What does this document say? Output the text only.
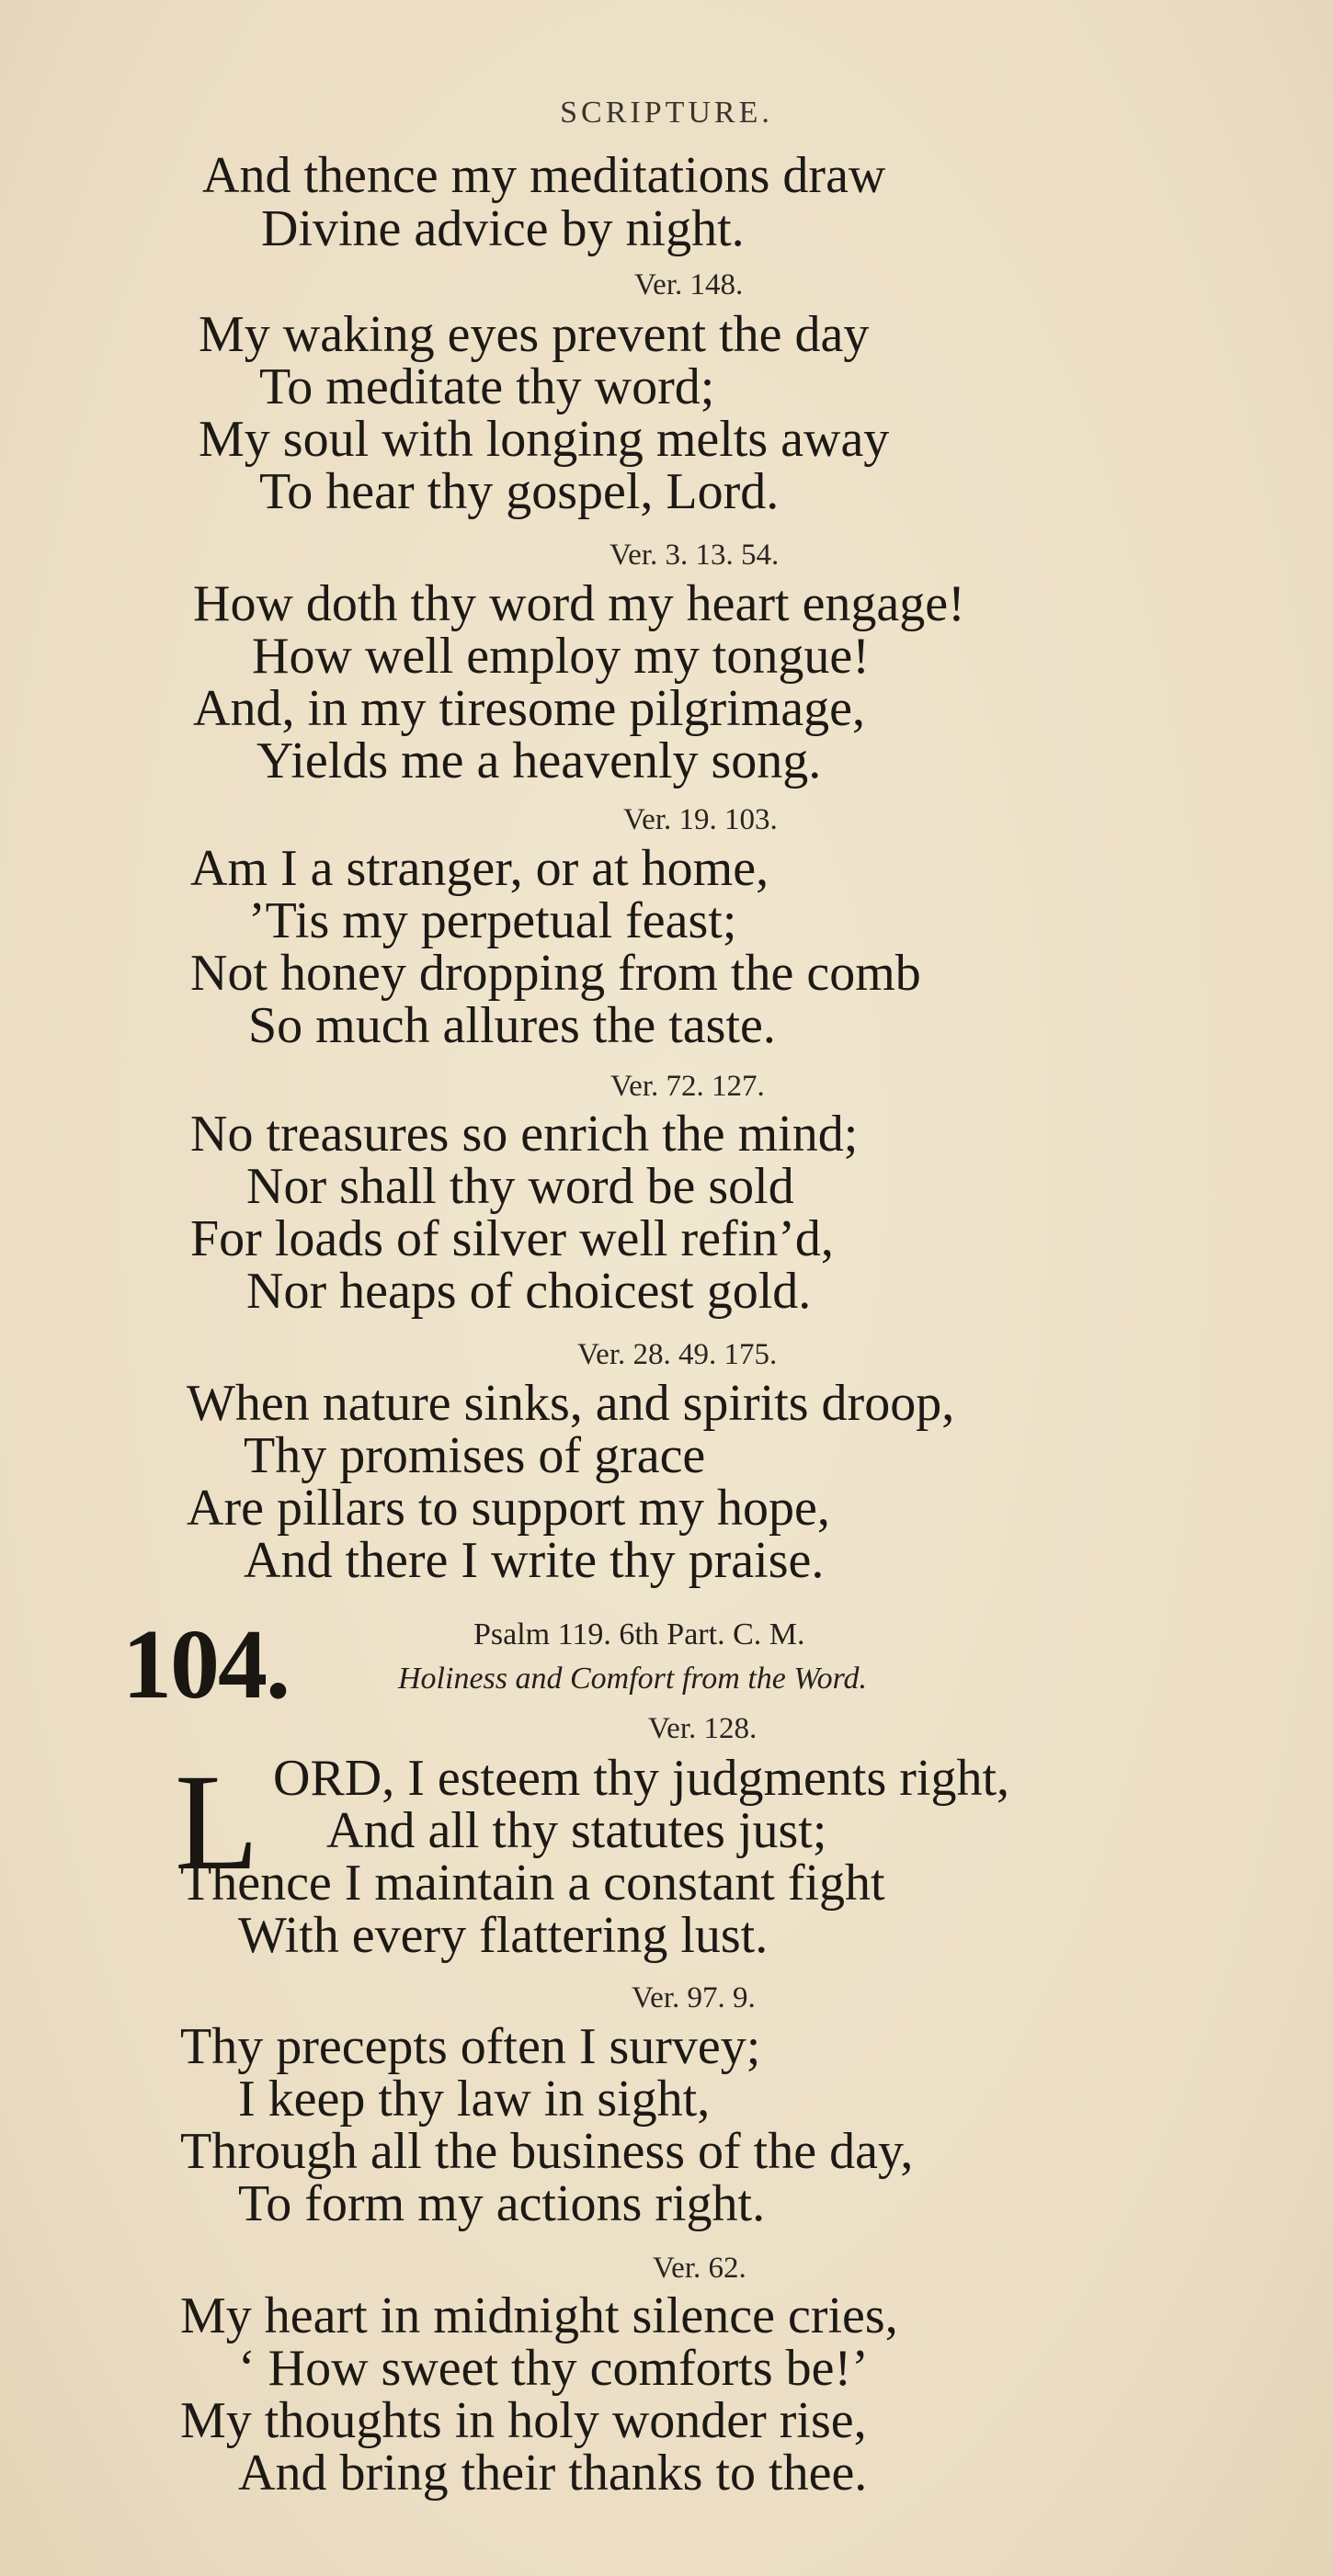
SCRIPTURE.
And thence my meditations draw
Divine advice by night.
Ver. 148.
My waking eyes prevent the day
To meditate thy word;
My soul with longing melts away
To hear thy gospel, Lord.
Ver. 3. 13. 54.
How doth thy word my heart engage!
How well employ my tongue!
And, in my tiresome pilgrimage,
Yields me a heavenly song.
Ver. 19. 103.
Am I a stranger, or at home,
’Tis my perpetual feast;
Not honey dropping from the comb
So much allures the taste.
Ver. 72. 127.
No treasures so enrich the mind;
Nor shall thy word be sold
For loads of silver well refin’d,
Nor heaps of choicest gold.
Ver. 28. 49. 175.
When nature sinks, and spirits droop,
Thy promises of grace
Are pillars to support my hope,
And there I write thy praise.
104.	Psalm 119. 6th Part. C. M.
Holiness and Comfort from the Word.
Ver. 128.
L ORD, I esteem thy judgments right,
And all thy statutes just;
Thence I maintain a constant fight
With every flattering lust.
Ver. 97. 9.
Thy precepts often I survey;
I keep thy law in sight,
Through all the business of the day,
To form my actions right.
Ver. 62.
My heart in midnight silence cries,
‘ How sweet thy comforts be!’
My thoughts in holy wonder rise,
And bring their thanks to thee.
